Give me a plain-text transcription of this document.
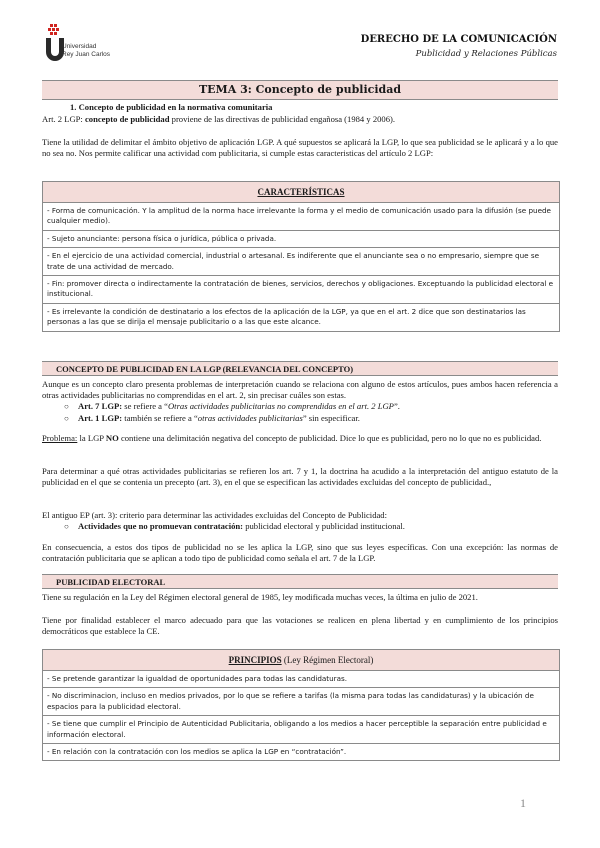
Universidad
Rey Juan Carlos
DERECHO DE LA COMUNICACIÓN
Publicidad y Relaciones Públicas
TEMA 3: Concepto de publicidad
1. Concepto de publicidad en la normativa comunitaria
Art. 2 LGP: concepto de publicidad proviene de las directivas de publicidad engañosa (1984 y 2006).
Tiene la utilidad de delimitar el ámbito objetivo de aplicación LGP. A qué supuestos se aplicará la LGP, lo que sea publicidad se le aplicará y a lo que no sea no. Nos permite calificar una actividad com publicitaria, si cumple estas caracteristicas del artículo 2 LGP:
CARACTERÍSTICAS
- Forma de comunicación. Y la amplitud de la norma hace irrelevante la forma y el medio de comunicación usado para la difusión (se puede cualquier medio).
- Sujeto anunciante: persona física o jurídica, pública o privada.
- En el ejercicio de una actividad comercial, industrial o artesanal. Es indiferente que el anunciante sea o no empresario, siempre que se trate de una actividad de mercado.
- Fin: promover directa o indirectamente la contratación de bienes, servicios, derechos y obligaciones. Exceptuando la publicidad electoral e institucional.
- Es irrelevante la condición de destinatario a los efectos de la aplicación de la LGP, ya que en el art. 2 dice que son destinatarios las personas a las que se dirija el mensaje publicitario o a las que este alcance.
CONCEPTO DE PUBLICIDAD EN LA LGP (RELEVANCIA DEL CONCEPTO)
Aunque es un concepto claro presenta problemas de interpretación cuando se relaciona con alguno de estos artículos, pues ambos hacen referencia a otras actividades publicitarias no comprendidas en el art. 2, sin precisar cuáles son estas.
○ Art. 7 LGP: se refiere a “Otras actividades publicitarias no comprendidas en el art. 2 LGP”.
○ Art. 1 LGP: también se refiere a “otras actividades publicitarias” sin especificar.
Problema: la LGP NO contiene una delimitación negativa del concepto de publicidad. Dice lo que es publicidad, pero no lo que no es publicidad.
Para determinar a qué otras actividades publicitarias se refieren los art. 7 y 1, la doctrina ha acudido a la interpretación del antiguo estatuto de la publicidad en el que se contenia un precepto (art. 3), en el que se especifican las actividades excluidas del concepto de publicidad.,
El antiguo EP (art. 3): criterio para determinar las actividades excluidas del Concepto de Publicidad:
○ Actividades que no promuevan contratación: publicidad electoral y publicidad institucional.
En consecuencia, a estos dos tipos de publicidad no se les aplica la LGP, sino que sus leyes específicas. Con una excepción: las normas de contratación publicitaria que se aplican a todo tipo de publicidad como señala el art. 7 de la LGP.
PUBLICIDAD ELECTORAL
Tiene su regulación en la Ley del Régimen electoral general de 1985, ley modificada muchas veces, la última en julio de 2021.
Tiene por finalidad establecer el marco adecuado para que las votaciones se realicen en plena libertad y en cumplimiento de los principios democráticos que establece la CE.
PRINCIPIOS (Ley Régimen Electoral)
- Se pretende garantizar la igualdad de oportunidades para todas las candidaturas.
- No discriminacion, incluso en medios privados, por lo que se refiere a tarifas (la misma para todas las candidaturas) y la ubicación de espacios para la publicidad electoral.
- Se tiene que cumplir el Principio de Autenticidad Publicitaria, obligando a los medios a hacer perceptible la separación entre publicidad e información electoral.
- En relación con la contratación con los medios se aplica la LGP en “contratación”.
1
